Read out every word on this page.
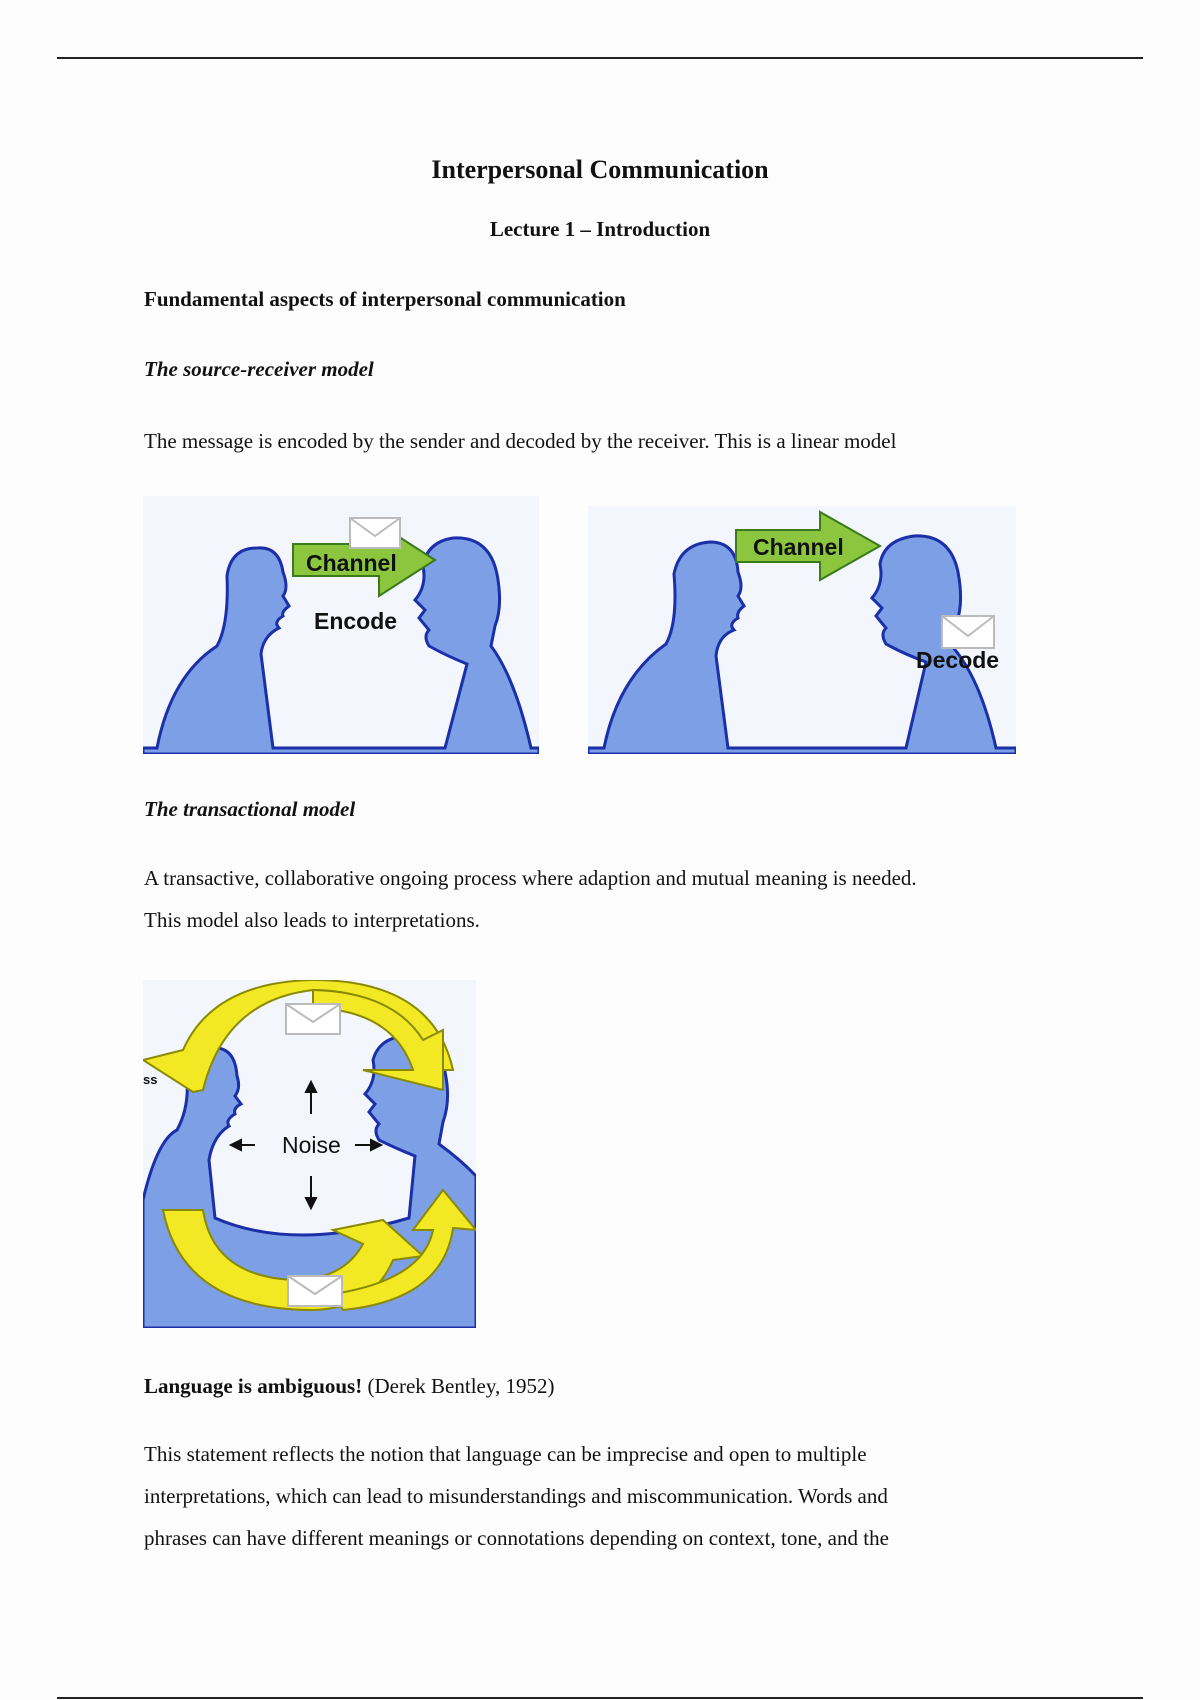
Interpersonal Communication
Lecture 1 – Introduction
Fundamental aspects of interpersonal communication
The source-receiver model
The message is encoded by the sender and decoded by the receiver. This is a linear model
Channel
Encode
Channel
Decode
The transactional model
A transactive, collaborative ongoing process where adaption and mutual meaning is needed.
This model also leads to interpretations.
ss
Noise
Language is ambiguous! (Derek Bentley, 1952)
This statement reflects the notion that language can be imprecise and open to multiple
interpretations, which can lead to misunderstandings and miscommunication. Words and
phrases can have different meanings or connotations depending on context, tone, and the
